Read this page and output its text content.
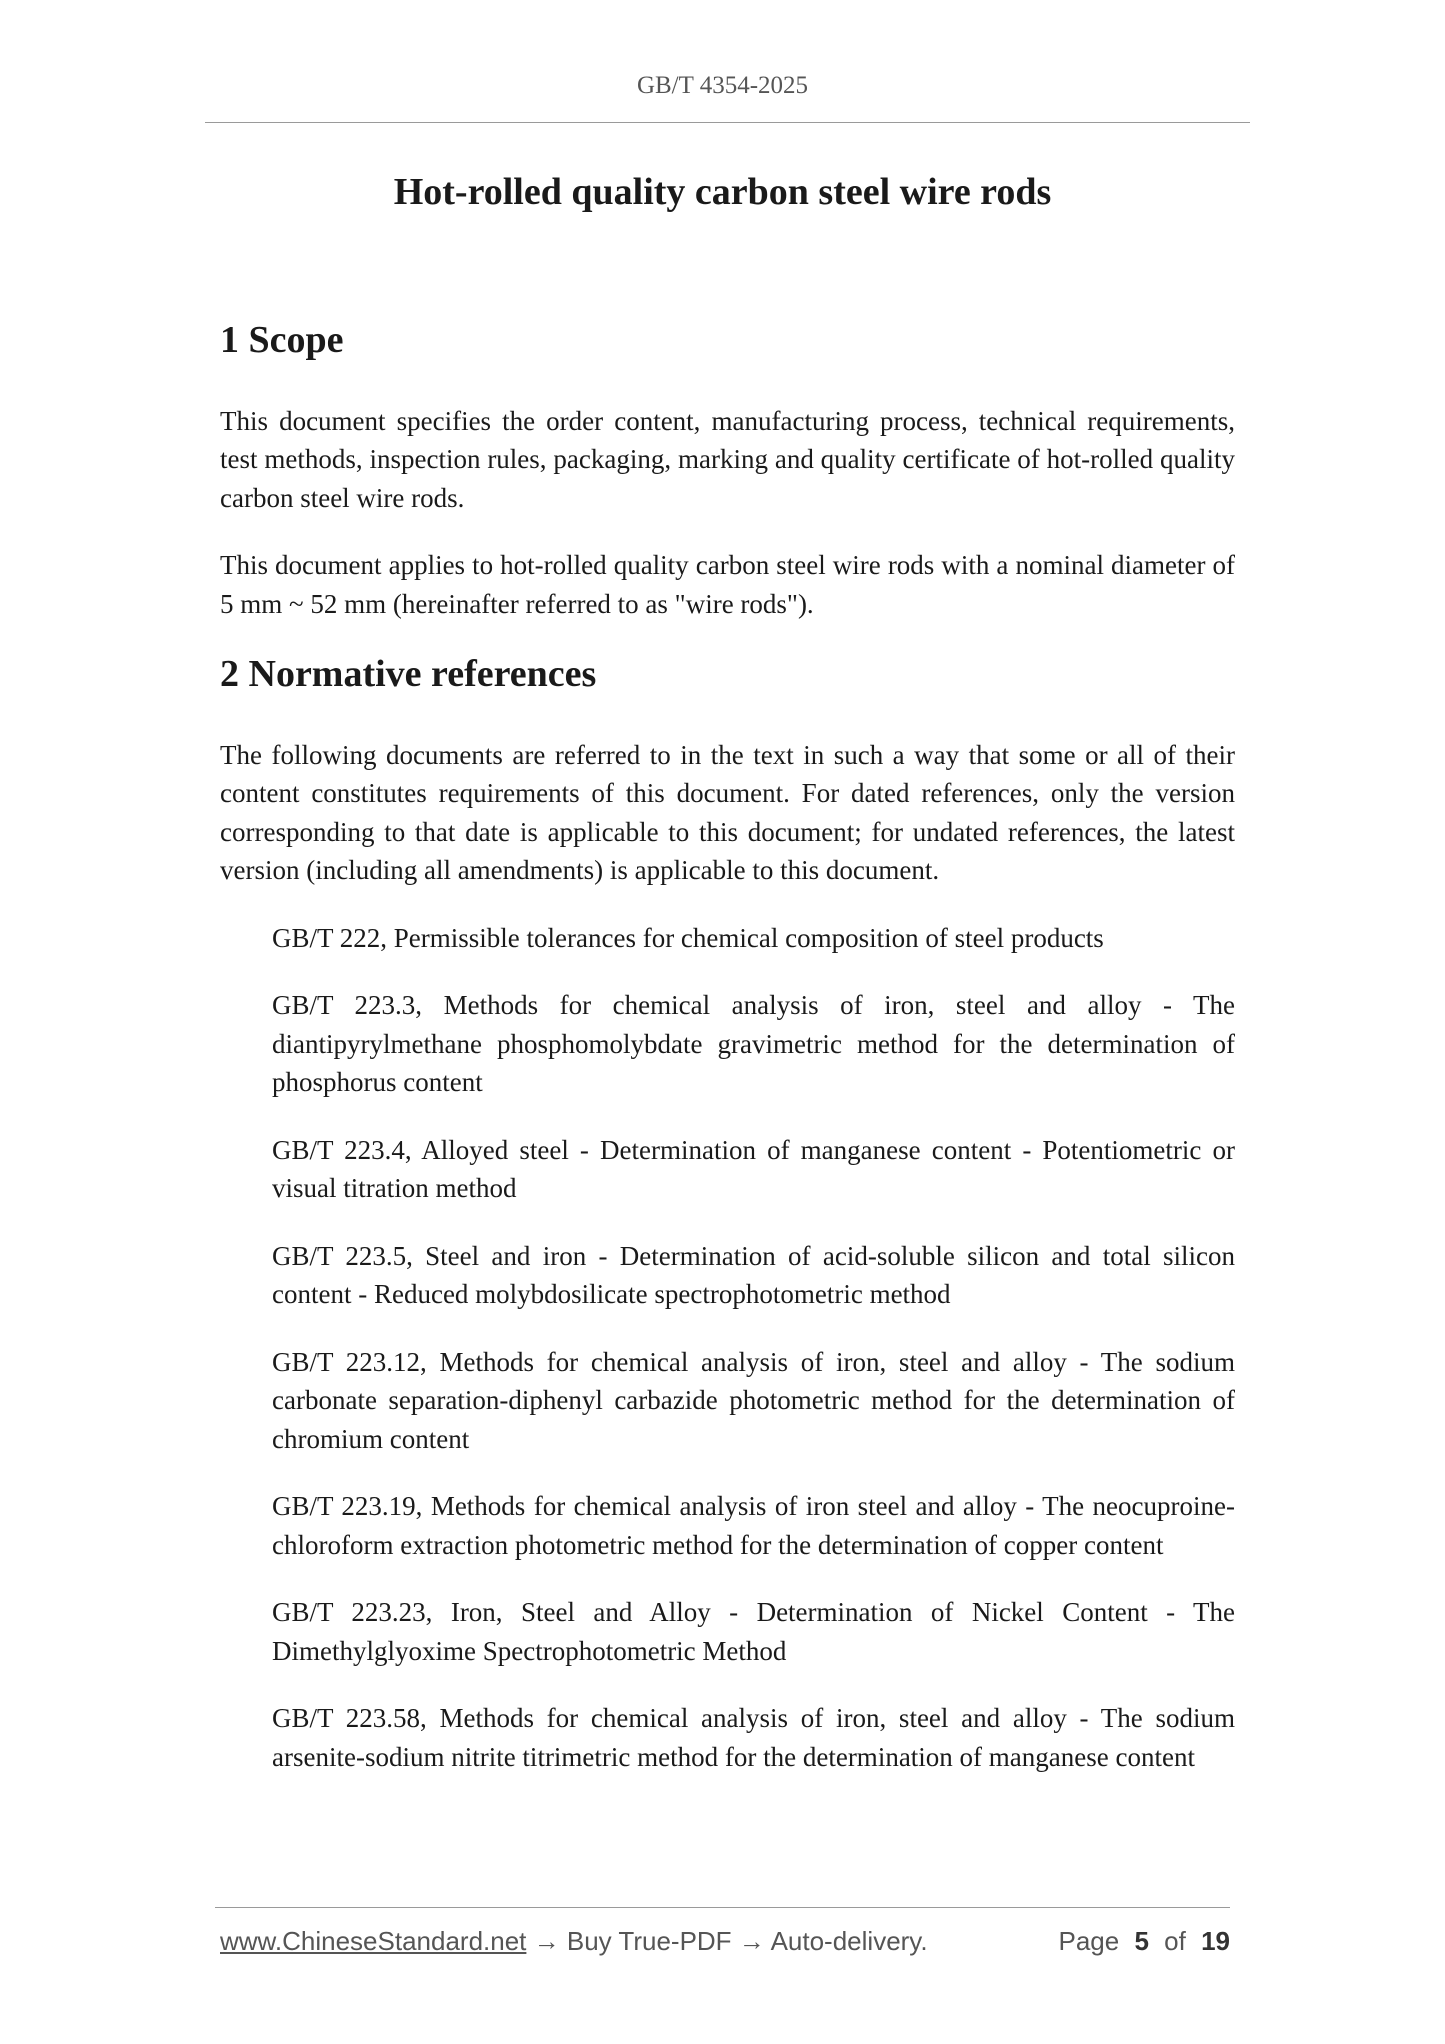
GB/T 4354-2025
Hot-rolled quality carbon steel wire rods
1 Scope

This document specifies the order content, manufacturing process, technical requirements, test methods, inspection rules, packaging, marking and quality certificate of hot-rolled quality carbon steel wire rods.

This document applies to hot-rolled quality carbon steel wire rods with a nominal diameter of 5 mm ~ 52 mm (hereinafter referred to as "wire rods").

2 Normative references

The following documents are referred to in the text in such a way that some or all of their content constitutes requirements of this document. For dated references, only the version corresponding to that date is applicable to this document; for undated references, the latest version (including all amendments) is applicable to this document.

GB/T 222, Permissible tolerances for chemical composition of steel products
GB/T 223.3, Methods for chemical analysis of iron, steel and alloy - The diantipyrylmethane phosphomolybdate gravimetric method for the determination of phosphorus content
GB/T 223.4, Alloyed steel - Determination of manganese content - Potentiometric or visual titration method
GB/T 223.5, Steel and iron - Determination of acid-soluble silicon and total silicon content - Reduced molybdosilicate spectrophotometric method
GB/T 223.12, Methods for chemical analysis of iron, steel and alloy - The sodium carbonate separation-diphenyl carbazide photometric method for the determination of chromium content
GB/T 223.19, Methods for chemical analysis of iron steel and alloy - The neocuproine-chloroform extraction photometric method for the determination of copper content
GB/T 223.23, Iron, Steel and Alloy - Determination of Nickel Content - The Dimethylglyoxime Spectrophotometric Method
GB/T 223.58, Methods for chemical analysis of iron, steel and alloy - The sodium arsenite-sodium nitrite titrimetric method for the determination of manganese content
www.ChineseStandard.net → Buy True-PDF → Auto-delivery.	Page 5 of 19
